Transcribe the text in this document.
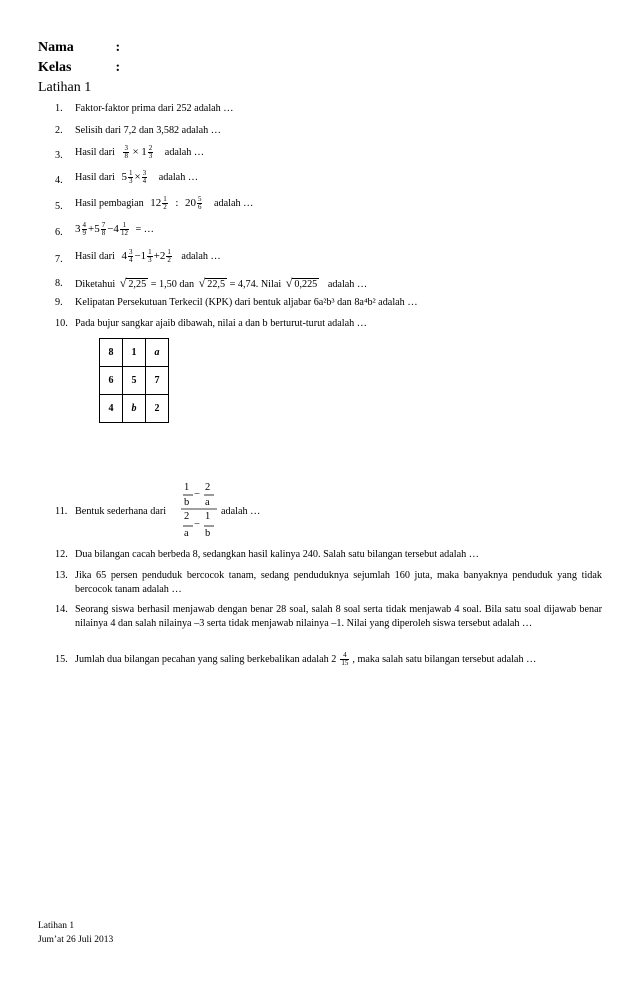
Nama	:
Kelas	:
Latihan 1
1.	Faktor-faktor prima dari 252 adalah …
2.	Selisih dari 7,2 dan 3,582 adalah …
3.	Hasil dari $\frac{3}{8} \times 1 \frac{2}{3}$ adalah …
4.	Hasil dari $5 \frac{1}{3} \times \frac{3}{4}$ adalah …
5.	Hasil pembagian $12 \frac{1}{2}$ : $20 \frac{5}{6}$ adalah …
6.	$3 \frac{4}{9} +5 \frac{7}{8} -4 \frac{1}{12}$ = …
7.	Hasil dari $4 \frac{3}{4} -1 \frac{1}{3} +2 \frac{1}{2}$ adalah …
8.	Diketahui √ 2,25 = 1,50 dan √ 22,5 = 4,74. Nilai √ 0,225 adalah …
9.	Kelipatan Persekutuan Terkecil (KPK) dari bentuk aljabar 6a²b³ dan 8a⁴b² adalah …
10. Pada bujur sangkar ajaib dibawah, nilai a dan b berturut-turut adalah …
8	1	a
6	5	7
4	b	2
11. Bentuk sederhana dari	adalah …
1
b
−
2
a
2
a
−
1
b
12. Dua bilangan cacah berbeda 8, sedangkan hasil kalinya 240. Salah satu bilangan tersebut adalah …
13. Jika 65 persen penduduk bercocok tanam, sedang penduduknya sejumlah 160 juta, maka banyaknya penduduk yang tidak bercocok tanam adalah …
14. Seorang siswa berhasil menjawab dengan benar 28 soal, salah 8 soal serta tidak menjawab 4 soal. Bila satu soal dijawab benar nilainya 4 dan salah nilainya –3 serta tidak menjawab nilainya –1. Nilai yang diperoleh siswa tersebut adalah …
15. Jumlah dua bilangan pecahan yang saling berkebalikan adalah $2 \frac{4}{15}$ , maka salah satu bilangan tersebut adalah …
Latihan 1
Jum’at 26 Juli 2013
